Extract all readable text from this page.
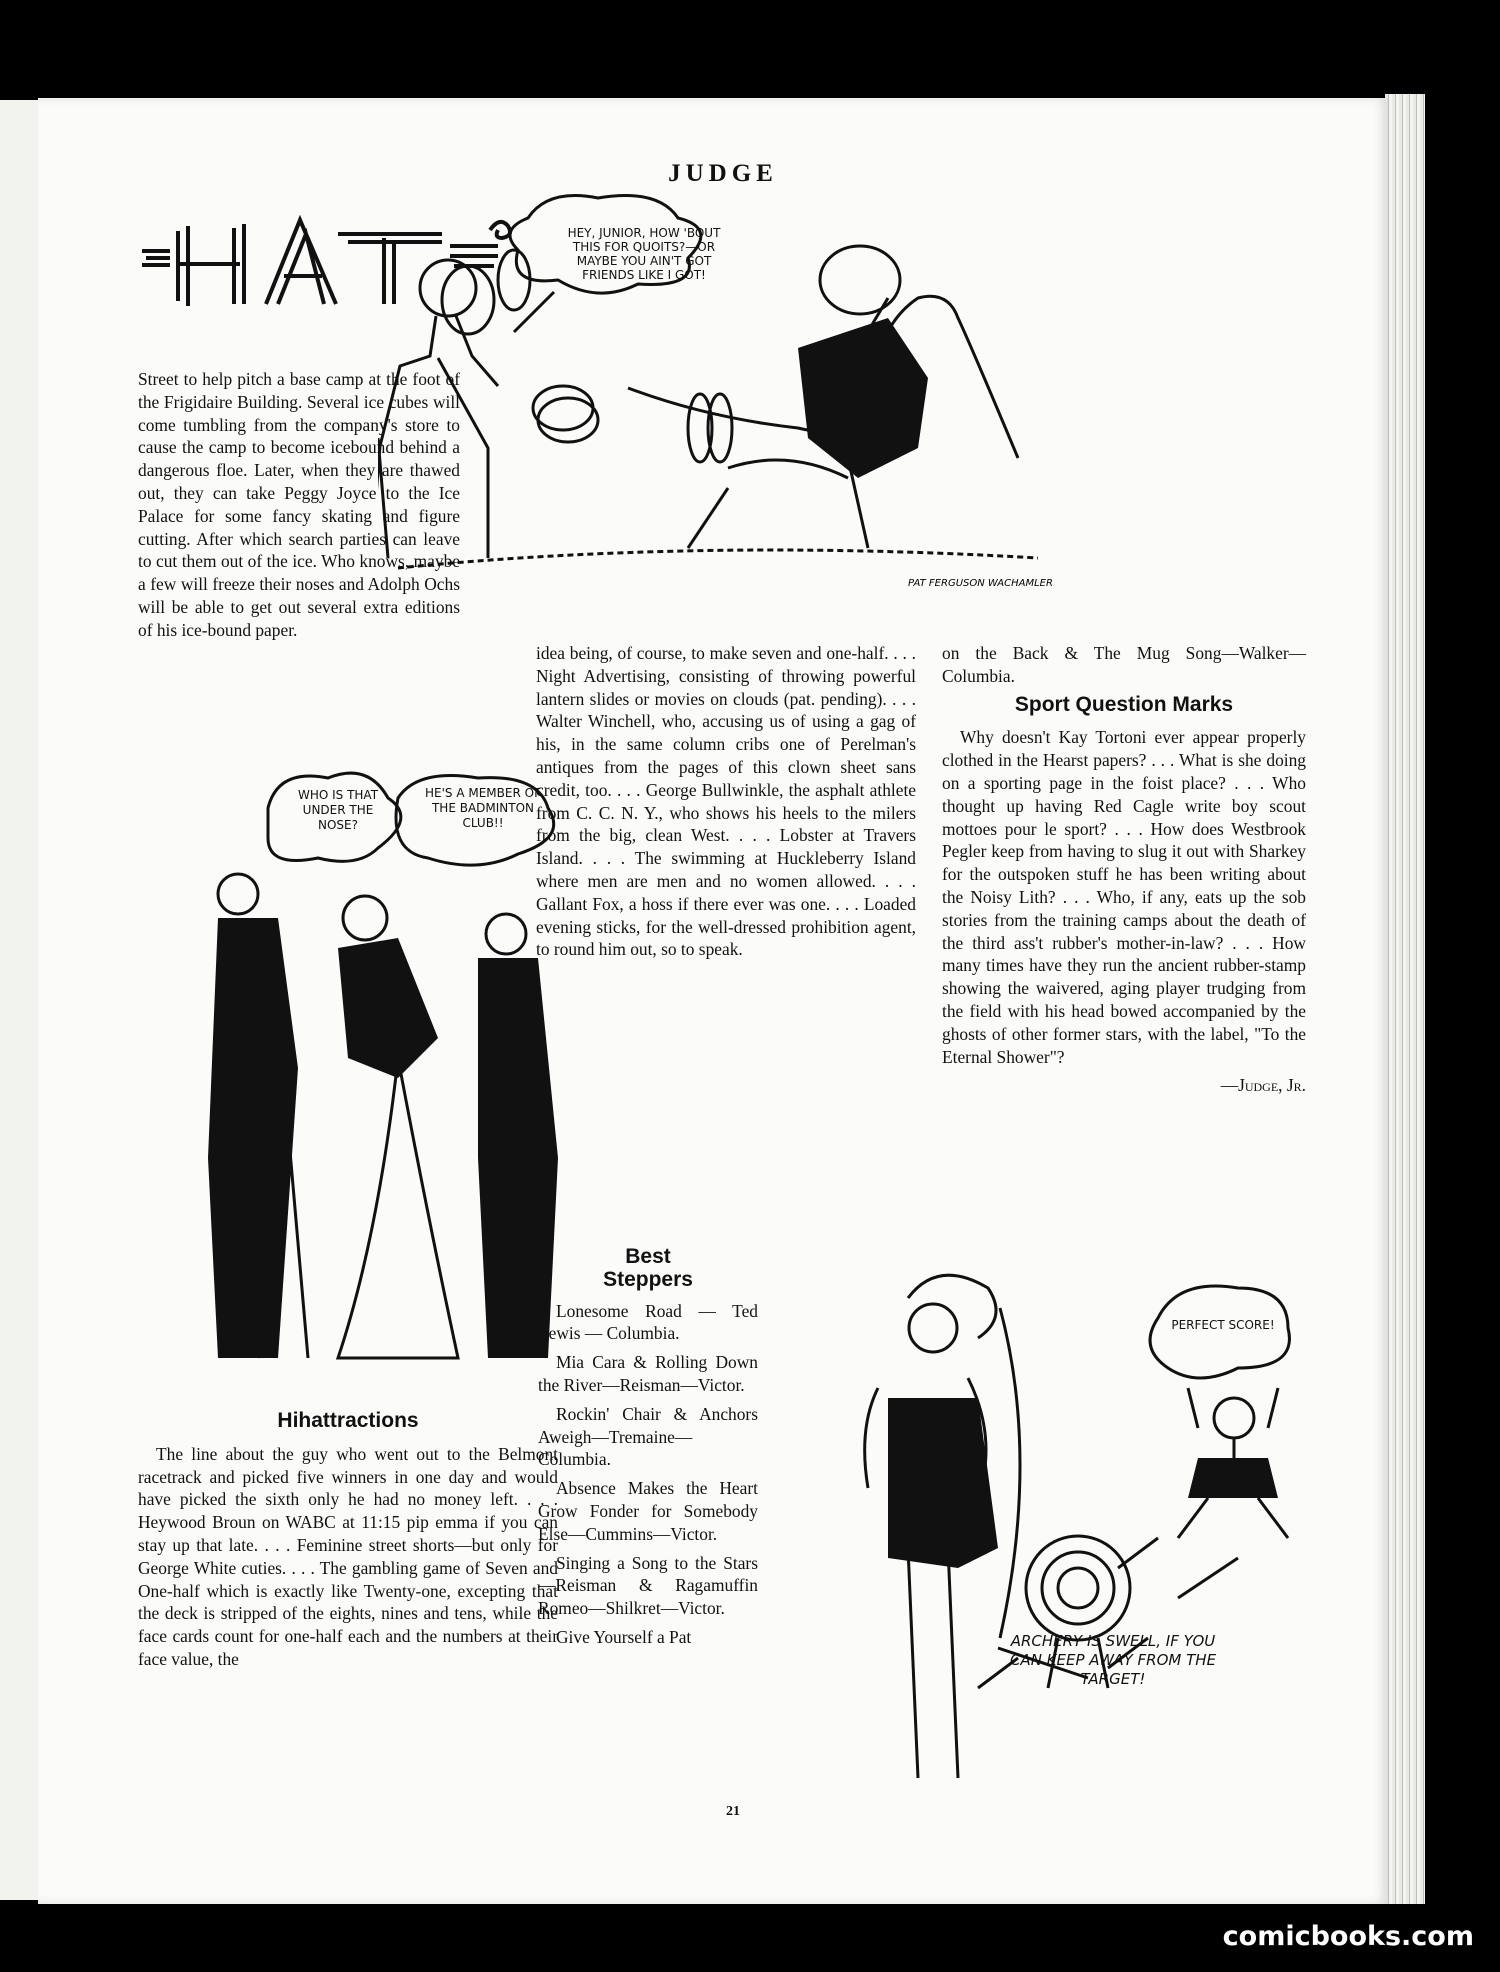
JUDGE
HAT
HEY, JUNIOR, HOW 'BOUT THIS FOR QUOITS?—OR MAYBE YOU AIN'T GOT FRIENDS LIKE I GOT!
PAT FERGUSON WACHAMLER

Street to help pitch a base camp at the foot of the Frigidaire Building. Several ice cubes will come tumbling from the company's store to cause the camp to become icebound behind a dangerous floe. Later, when they are thawed out, they can take Peggy Joyce to the Ice Palace for some fancy skating and figure cutting. After which search parties can leave to cut them out of the ice. Who knows, maybe a few will freeze their noses and Adolph Ochs will be able to get out several extra editions of his ice-bound paper.

idea being, of course, to make seven and one-half. . . . Night Advertising, consisting of throwing powerful lantern slides or movies on clouds (pat. pending). . . . Walter Winchell, who, accusing us of using a gag of his, in the same column cribs one of Perelman's antiques from the pages of this clown sheet sans credit, too. . . . George Bullwinkle, the asphalt athlete from C. C. N. Y., who shows his heels to the milers from the big, clean West. . . . Lobster at Travers Island. . . . The swimming at Huckleberry Island where men are men and no women allowed. . . . Gallant Fox, a hoss if there ever was one. . . . Loaded evening sticks, for the well-dressed prohibition agent, to round him out, so to speak.

on the Back & The Mug Song—Walker—Columbia.

Sport Question Marks

Why doesn't Kay Tortoni ever appear properly clothed in the Hearst papers? . . . What is she doing on a sporting page in the foist place? . . . Who thought up having Red Cagle write boy scout mottoes pour le sport? . . . How does Westbrook Pegler keep from having to slug it out with Sharkey for the outspoken stuff he has been writing about the Noisy Lith? . . . Who, if any, eats up the sob stories from the training camps about the death of the third ass't rubber's mother-in-law? . . . How many times have they run the ancient rubber-stamp showing the waivered, aging player trudging from the field with his head bowed accompanied by the ghosts of other former stars, with the label, "To the Eternal Shower"?

—Judge, Jr.

WHO IS THAT UNDER THE NOSE?
HE'S A MEMBER OF THE BADMINTON CLUB!!
Hihattractions

The line about the guy who went out to the Belmont racetrack and picked five winners in one day and would have picked the sixth only he had no money left. . . . Heywood Broun on WABC at 11:15 pip emma if you can stay up that late. . . . Feminine street shorts—but only for George White cuties. . . . The gambling game of Seven and One-half which is exactly like Twenty-one, excepting that the deck is stripped of the eights, nines and tens, while the face cards count for one-half each and the numbers at their face value, the

Best
Steppers

Lonesome Road — Ted Lewis — Columbia.

Mia Cara & Rolling Down the River—Reisman—Victor.

Rockin' Chair & Anchors Aweigh—Tremaine—Columbia.

Absence Makes the Heart Grow Fonder for Somebody Else—Cummins—Victor.

Singing a Song to the Stars—Reisman & Ragamuffin Romeo—Shilkret—Victor.

Give Yourself a Pat

PERFECT SCORE!
ARCHERY IS SWELL, IF YOU CAN KEEP AWAY FROM THE TARGET!
21
comicbooks.com
